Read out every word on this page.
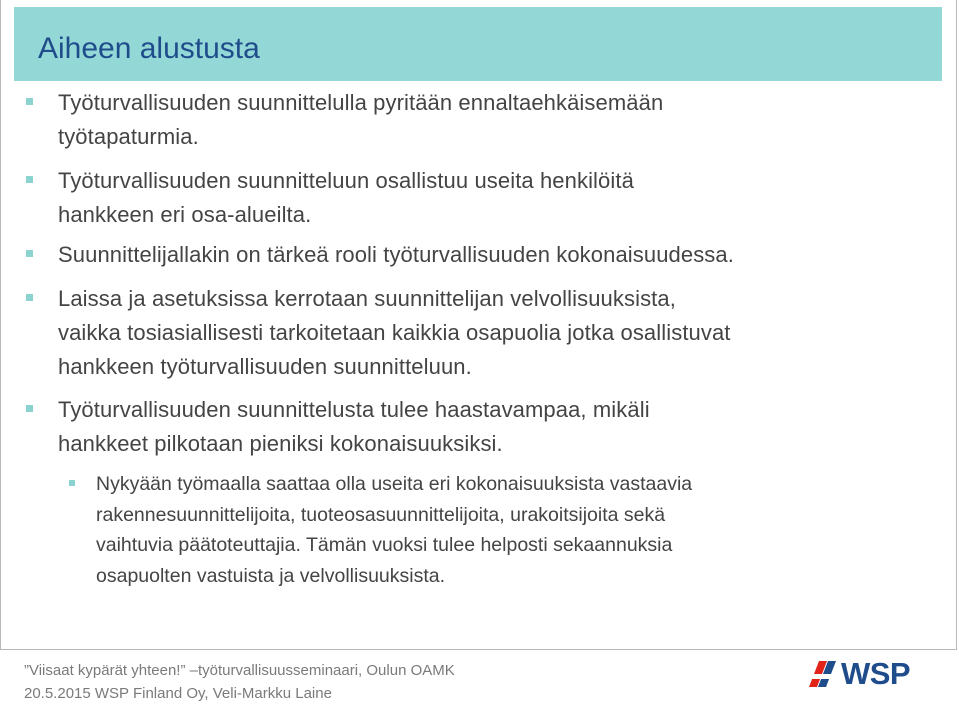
Aiheen alustusta
Työturvallisuuden suunnittelulla pyritään ennaltaehkäisemään
työtapaturmia.
Työturvallisuuden suunnitteluun osallistuu useita henkilöitä
hankkeen eri osa-alueilta.
Suunnittelijallakin on tärkeä rooli työturvallisuuden kokonaisuudessa.
Laissa ja asetuksissa kerrotaan suunnittelijan velvollisuuksista,
vaikka tosiasiallisesti tarkoitetaan kaikkia osapuolia jotka osallistuvat
hankkeen työturvallisuuden suunnitteluun.
Työturvallisuuden suunnittelusta tulee haastavampaa, mikäli
hankkeet pilkotaan pieniksi kokonaisuuksiksi.
Nykyään työmaalla saattaa olla useita eri kokonaisuuksista vastaavia
rakennesuunnittelijoita, tuoteosasuunnittelijoita, urakoitsijoita sekä
vaihtuvia päätoteuttajia. Tämän vuoksi tulee helposti sekaannuksia
osapuolten vastuista ja velvollisuuksista.
”Viisaat kypärät yhteen!” –työturvallisuusseminaari, Oulun OAMK
20.5.2015 WSP Finland Oy, Veli-Markku Laine
WSP
